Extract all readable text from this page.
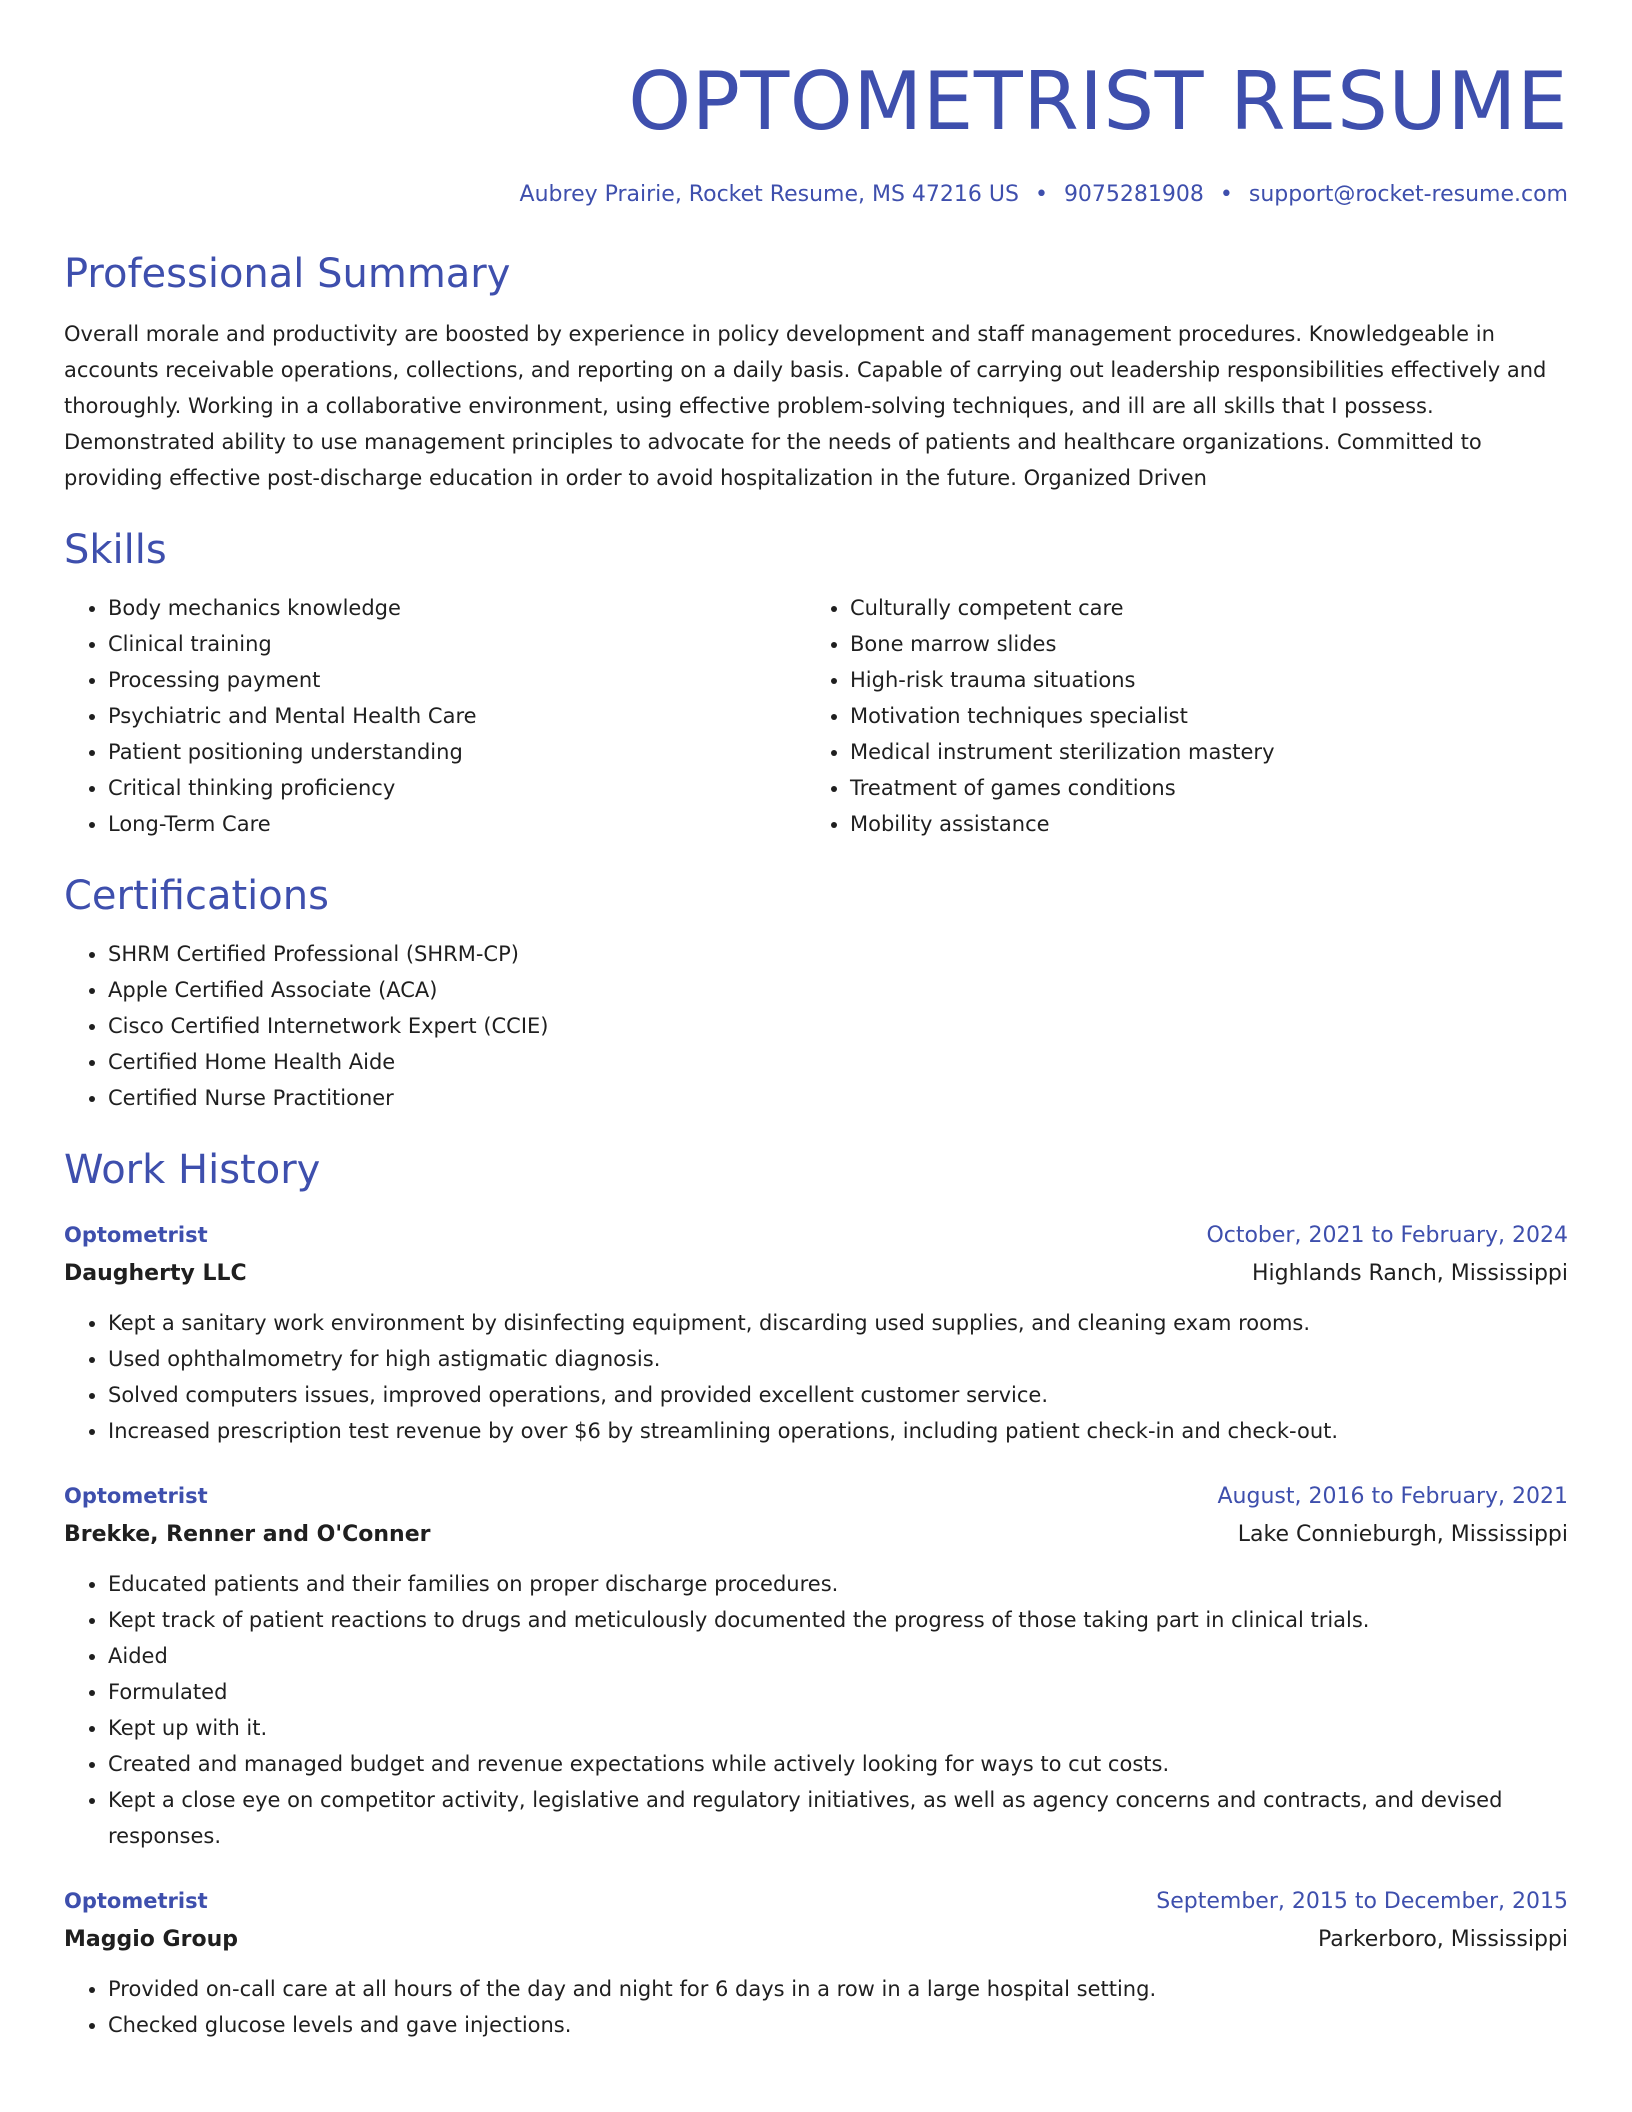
OPTOMETRIST RESUME
Aubrey Prairie, Rocket Resume, MS 47216 US • 9075281908 • support@rocket-resume.com
Professional Summary

Overall morale and productivity are boosted by experience in policy development and staff management procedures. Knowledgeable in accounts receivable operations, collections, and reporting on a daily basis. Capable of carrying out leadership responsibilities effectively and thoroughly. Working in a collaborative environment, using effective problem-solving techniques, and ill are all skills that I possess. Demonstrated ability to use management principles to advocate for the needs of patients and healthcare organizations. Committed to providing effective post-discharge education in order to avoid hospitalization in the future. Organized Driven

Skills
• Body mechanics knowledge
• Clinical training
• Processing payment
• Psychiatric and Mental Health Care
• Patient positioning understanding
• Critical thinking proficiency
• Long-Term Care
• Culturally competent care
• Bone marrow slides
• High-risk trauma situations
• Motivation techniques specialist
• Medical instrument sterilization mastery
• Treatment of games conditions
• Mobility assistance
Certifications
• SHRM Certified Professional (SHRM-CP)
• Apple Certified Associate (ACA)
• Cisco Certified Internetwork Expert (CCIE)
• Certified Home Health Aide
• Certified Nurse Practitioner
Work History
Optometrist	October, 2021 to February, 2024
Daugherty LLC	Highlands Ranch, Mississippi
• Kept a sanitary work environment by disinfecting equipment, discarding used supplies, and cleaning exam rooms.
• Used ophthalmometry for high astigmatic diagnosis.
• Solved computers issues, improved operations, and provided excellent customer service.
• Increased prescription test revenue by over $6 by streamlining operations, including patient check-in and check-out.
Optometrist	August, 2016 to February, 2021
Brekke, Renner and O'Conner	Lake Connieburgh, Mississippi
• Educated patients and their families on proper discharge procedures.
• Kept track of patient reactions to drugs and meticulously documented the progress of those taking part in clinical trials.
• Aided
• Formulated
• Kept up with it.
• Created and managed budget and revenue expectations while actively looking for ways to cut costs.
• Kept a close eye on competitor activity, legislative and regulatory initiatives, as well as agency concerns and contracts, and devised responses.
Optometrist	September, 2015 to December, 2015
Maggio Group	Parkerboro, Mississippi
• Provided on-call care at all hours of the day and night for 6 days in a row in a large hospital setting.
• Checked glucose levels and gave injections.
